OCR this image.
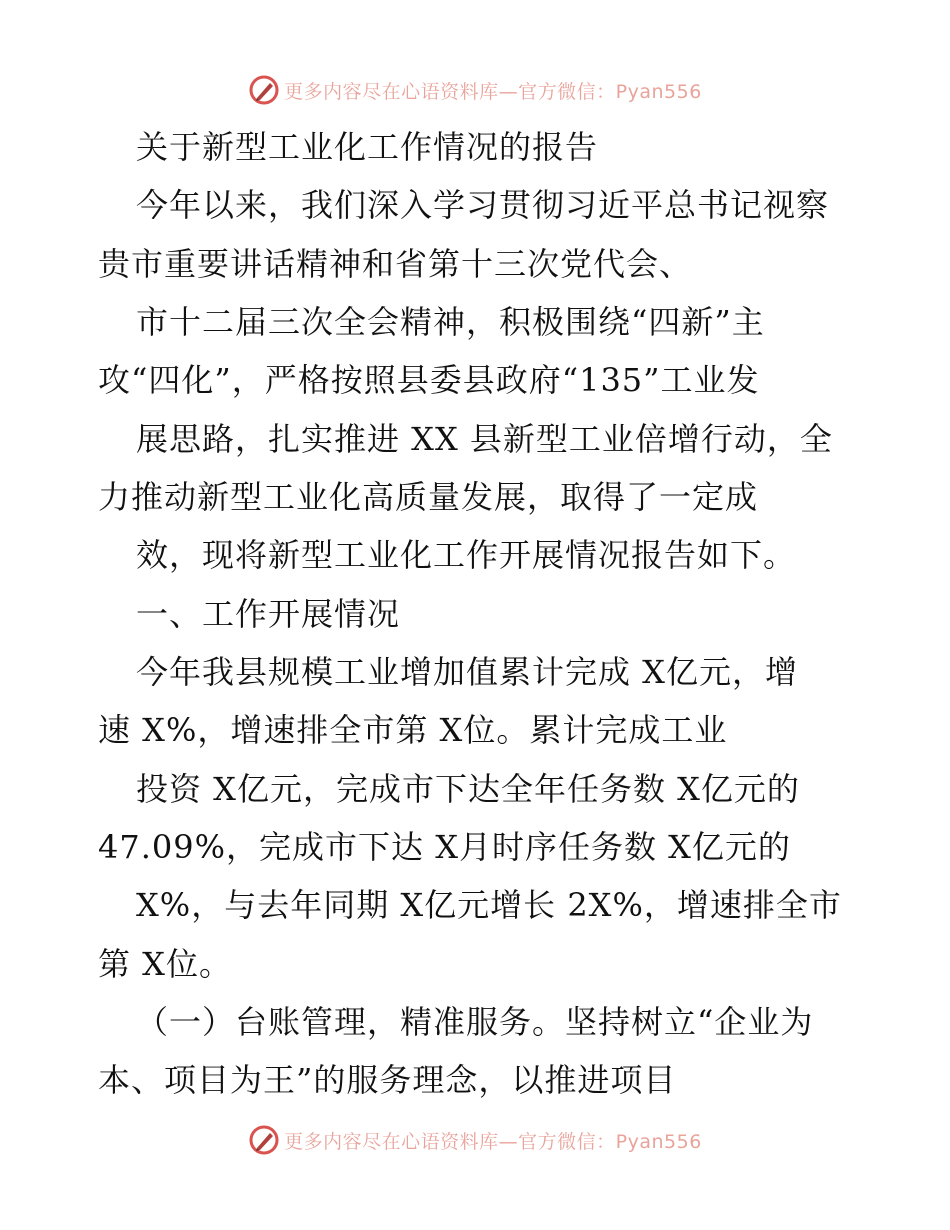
更多内容尽在心语资料库—官方微信：Pyan556
关于新型工业化工作情况的报告
今年以来，我们深入学习贯彻习近平总书记视察
贵市重要讲话精神和省第十三次党代会、
市十二届三次全会精神，积极围绕“四新”主
攻“四化”，严格按照县委县政府“135”工业发
展思路，扎实推进 XX 县新型工业倍增行动，全
力推动新型工业化高质量发展，取得了一定成
效，现将新型工业化工作开展情况报告如下。
一、工作开展情况
今年我县规模工业增加值累计完成 X亿元，增
速 X%，增速排全市第 X位。累计完成工业
投资 X亿元，完成市下达全年任务数 X亿元的
47.09%，完成市下达 X月时序任务数 X亿元的
X%，与去年同期 X亿元增长 2X%，增速排全市
第 X位。
（一）台账管理，精准服务。坚持树立“企业为
本、项目为王”的服务理念，以推进项目
更多内容尽在心语资料库—官方微信：Pyan556
